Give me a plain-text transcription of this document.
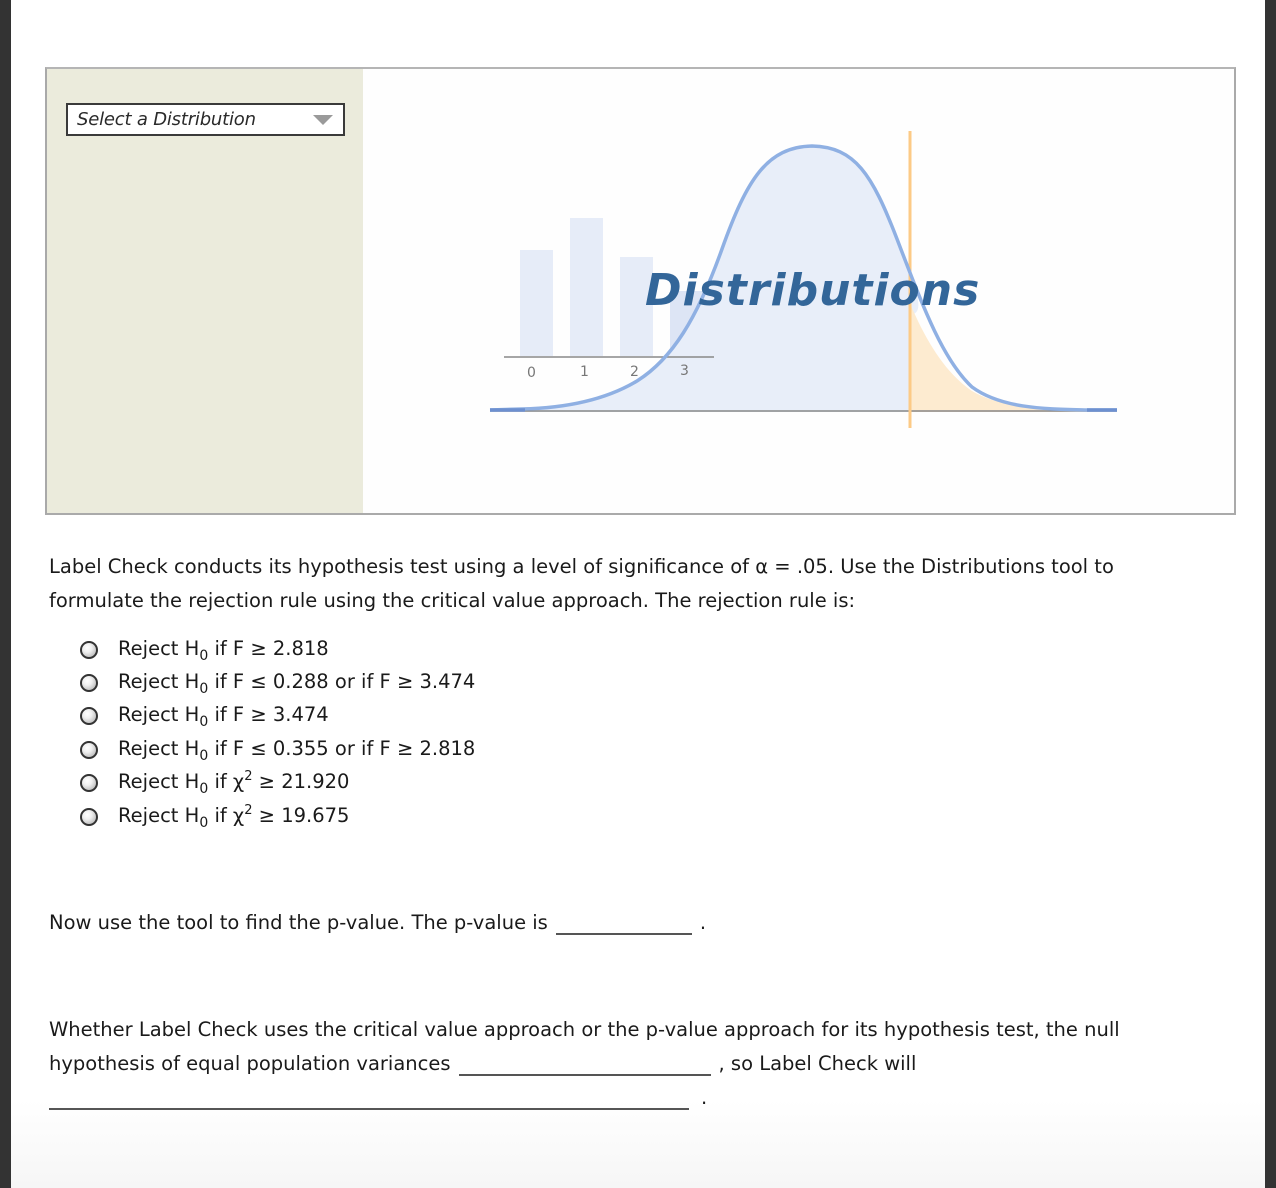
Select a Distribution
0	1	2	3
Distributions
Label Check conducts its hypothesis test using a level of significance of α = .05. Use the Distributions tool to
formulate the rejection rule using the critical value approach. The rejection rule is:
Reject $H_0$ if F ≥ 2.818
Reject $H_0$ if F ≤ 0.288 or if F ≥ 3.474
Reject $H_0$ if F ≥ 3.474
Reject $H_0$ if F ≤ 0.355 or if F ≥ 2.818
Reject $H_0$ if $\chi^2 \ge 21.920$
Reject $H_0$ if $\chi^2 \ge 19.675$
Now use the tool to find the p-value. The p-value is	.
Whether Label Check uses the critical value approach or the p-value approach for its hypothesis test, the null
hypothesis of equal population variances	, so Label Check will
.
